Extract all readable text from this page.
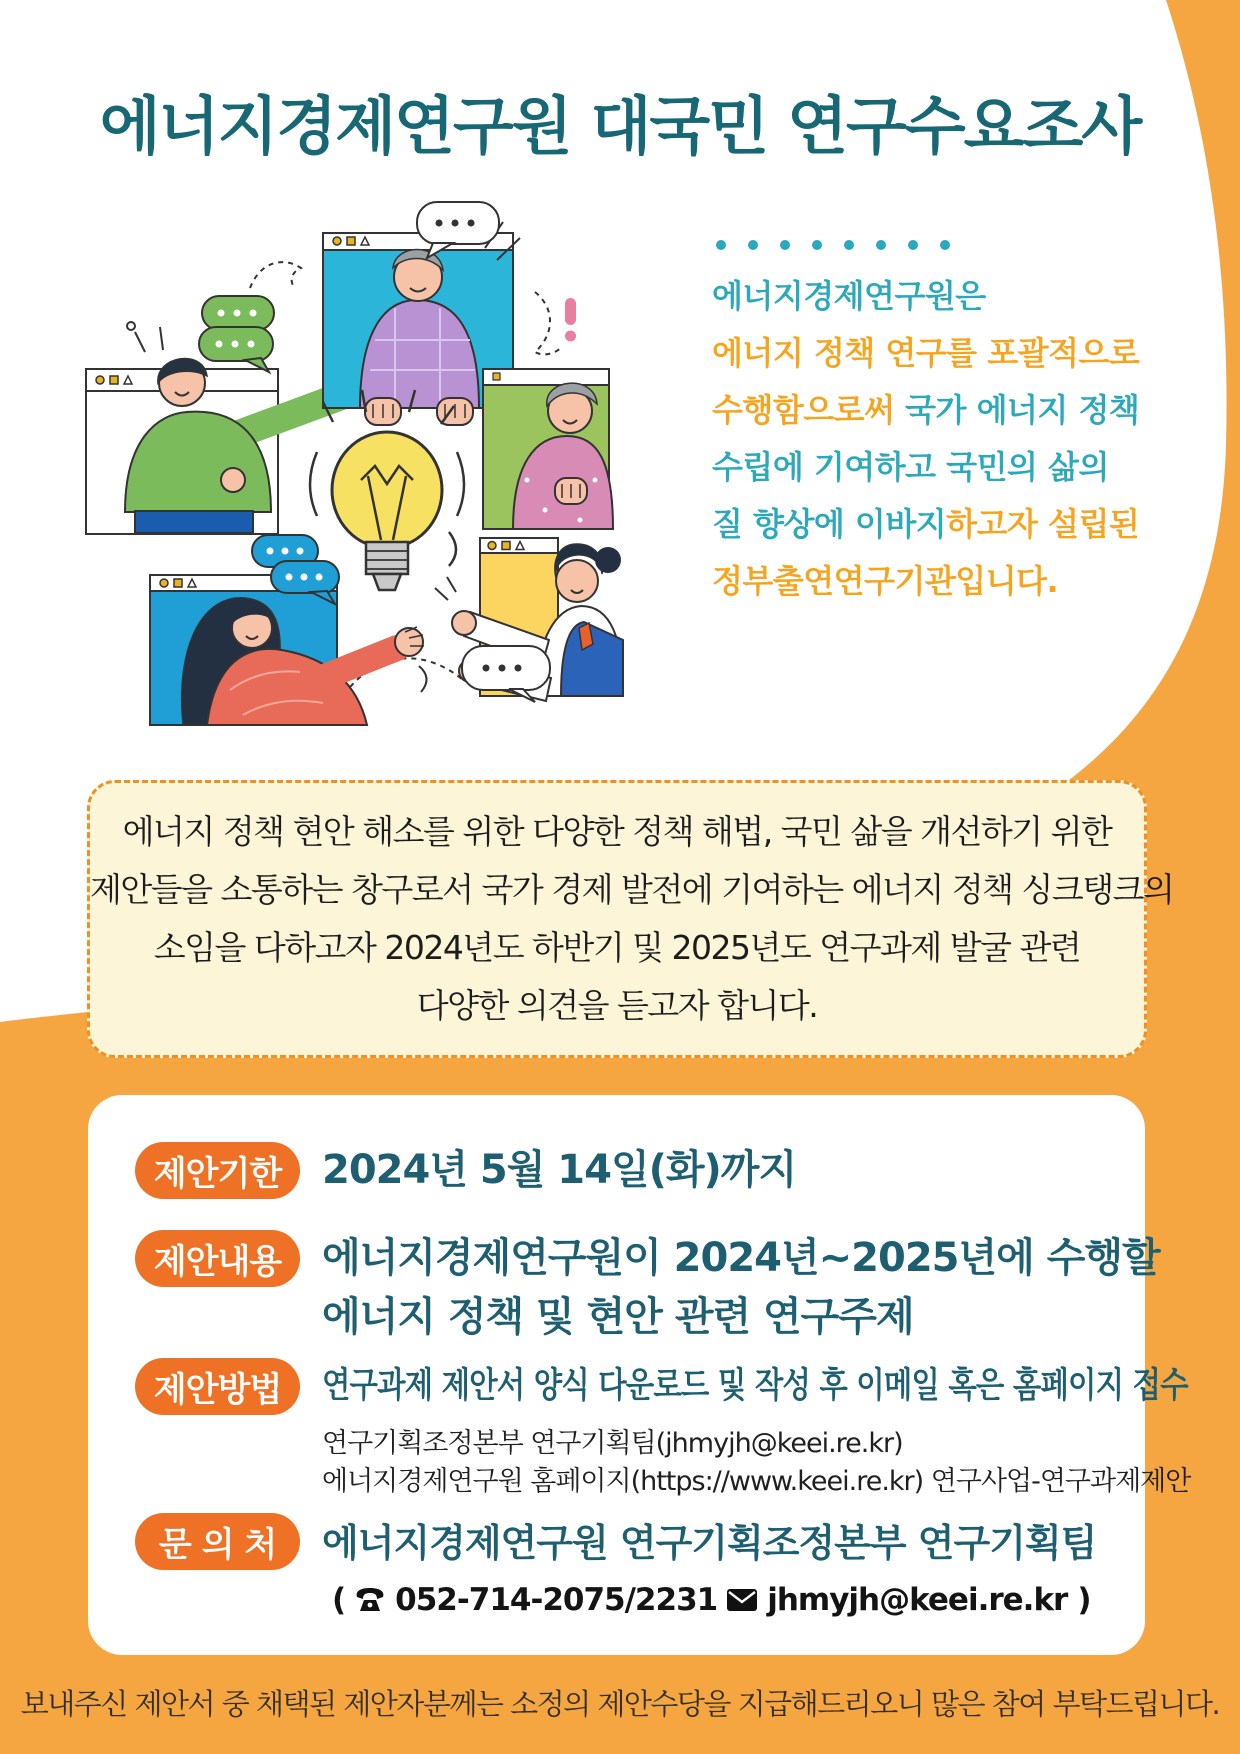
에너지경제연구원 대국민 연구수요조사
에너지경제연구원은
에너지 정책 연구를 포괄적으로
수행함으로써 국가 에너지 정책
수립에 기여하고 국민의 삶의
질 향상에 이바지하고자 설립된
정부출연연구기관입니다.

에너지 정책 현안 해소를 위한 다양한 정책 해법, 국민 삶을 개선하기 위한

제안들을 소통하는 창구로서 국가 경제 발전에 기여하는 에너지 정책 싱크탱크의

소임을 다하고자 2024년도 하반기 및 2025년도 연구과제 발굴 관련

다양한 의견을 듣고자 합니다.

제안기한	2024년 5월 14일(화)까지
제안내용	에너지경제연구원이 2024년~2025년에 수행할
에너지 정책 및 현안 관련 연구주제
제안방법	연구과제 제안서 양식 다운로드 및 작성 후 이메일 혹은 홈페이지 접수
연구기획조정본부 연구기획팀(jhmyjh@keei.re.kr)
에너지경제연구원 홈페이지(https://www.keei.re.kr) 연구사업-연구과제제안
문 의 처	에너지경제연구원 연구기획조정본부 연구기획팀
( 052-714-2075/2231 jhmyjh@keei.re.kr )
보내주신 제안서 중 채택된 제안자분께는 소정의 제안수당을 지급해드리오니 많은 참여 부탁드립니다.
